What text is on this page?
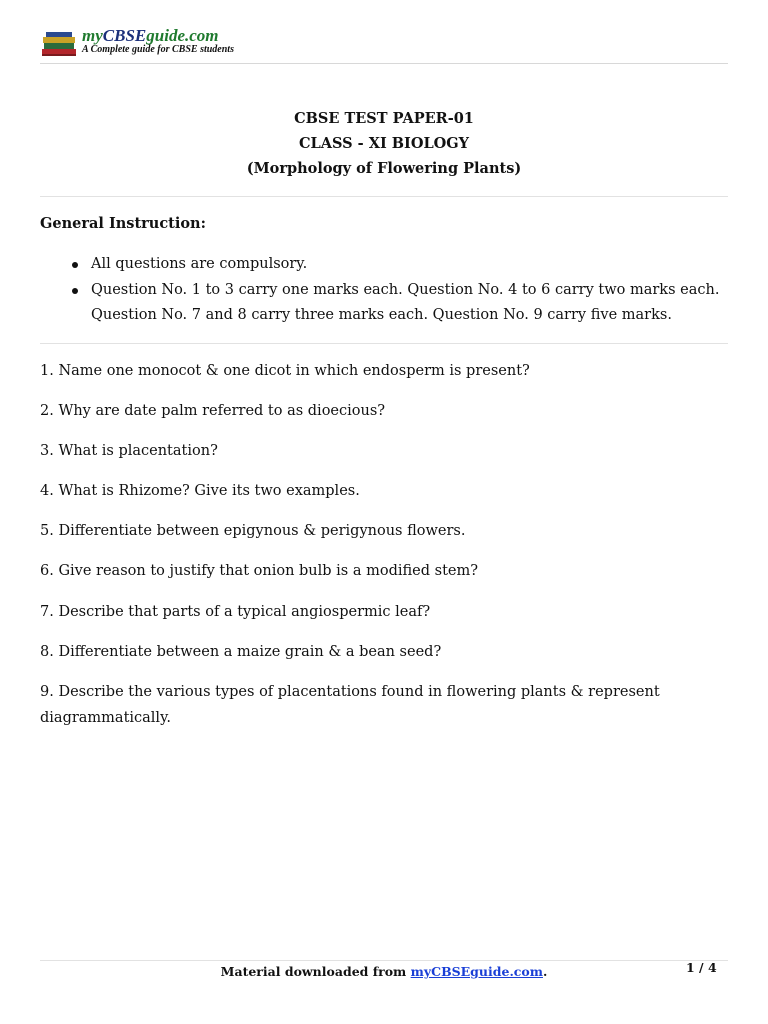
myCBSEguide.com
A Complete guide for CBSE students
CBSE TEST PAPER-01
CLASS - XI BIOLOGY
(Morphology of Flowering Plants)
General Instruction:
All questions are compulsory.
Question No. 1 to 3 carry one marks each. Question No. 4 to 6 carry two marks each. Question No. 7 and 8 carry three marks each. Question No. 9 carry five marks.

1. Name one monocot & one dicot in which endosperm is present?

2. Why are date palm referred to as dioecious?

3. What is placentation?

4. What is Rhizome? Give its two examples.

5. Differentiate between epigynous & perigynous flowers.

6. Give reason to justify that onion bulb is a modified stem?

7. Describe that parts of a typical angiospermic leaf?

8. Differentiate between a maize grain & a bean seed?

9. Describe the various types of placentations found in flowering plants & represent diagrammatically.

Material downloaded from myCBSEguide.com.	1 / 4
